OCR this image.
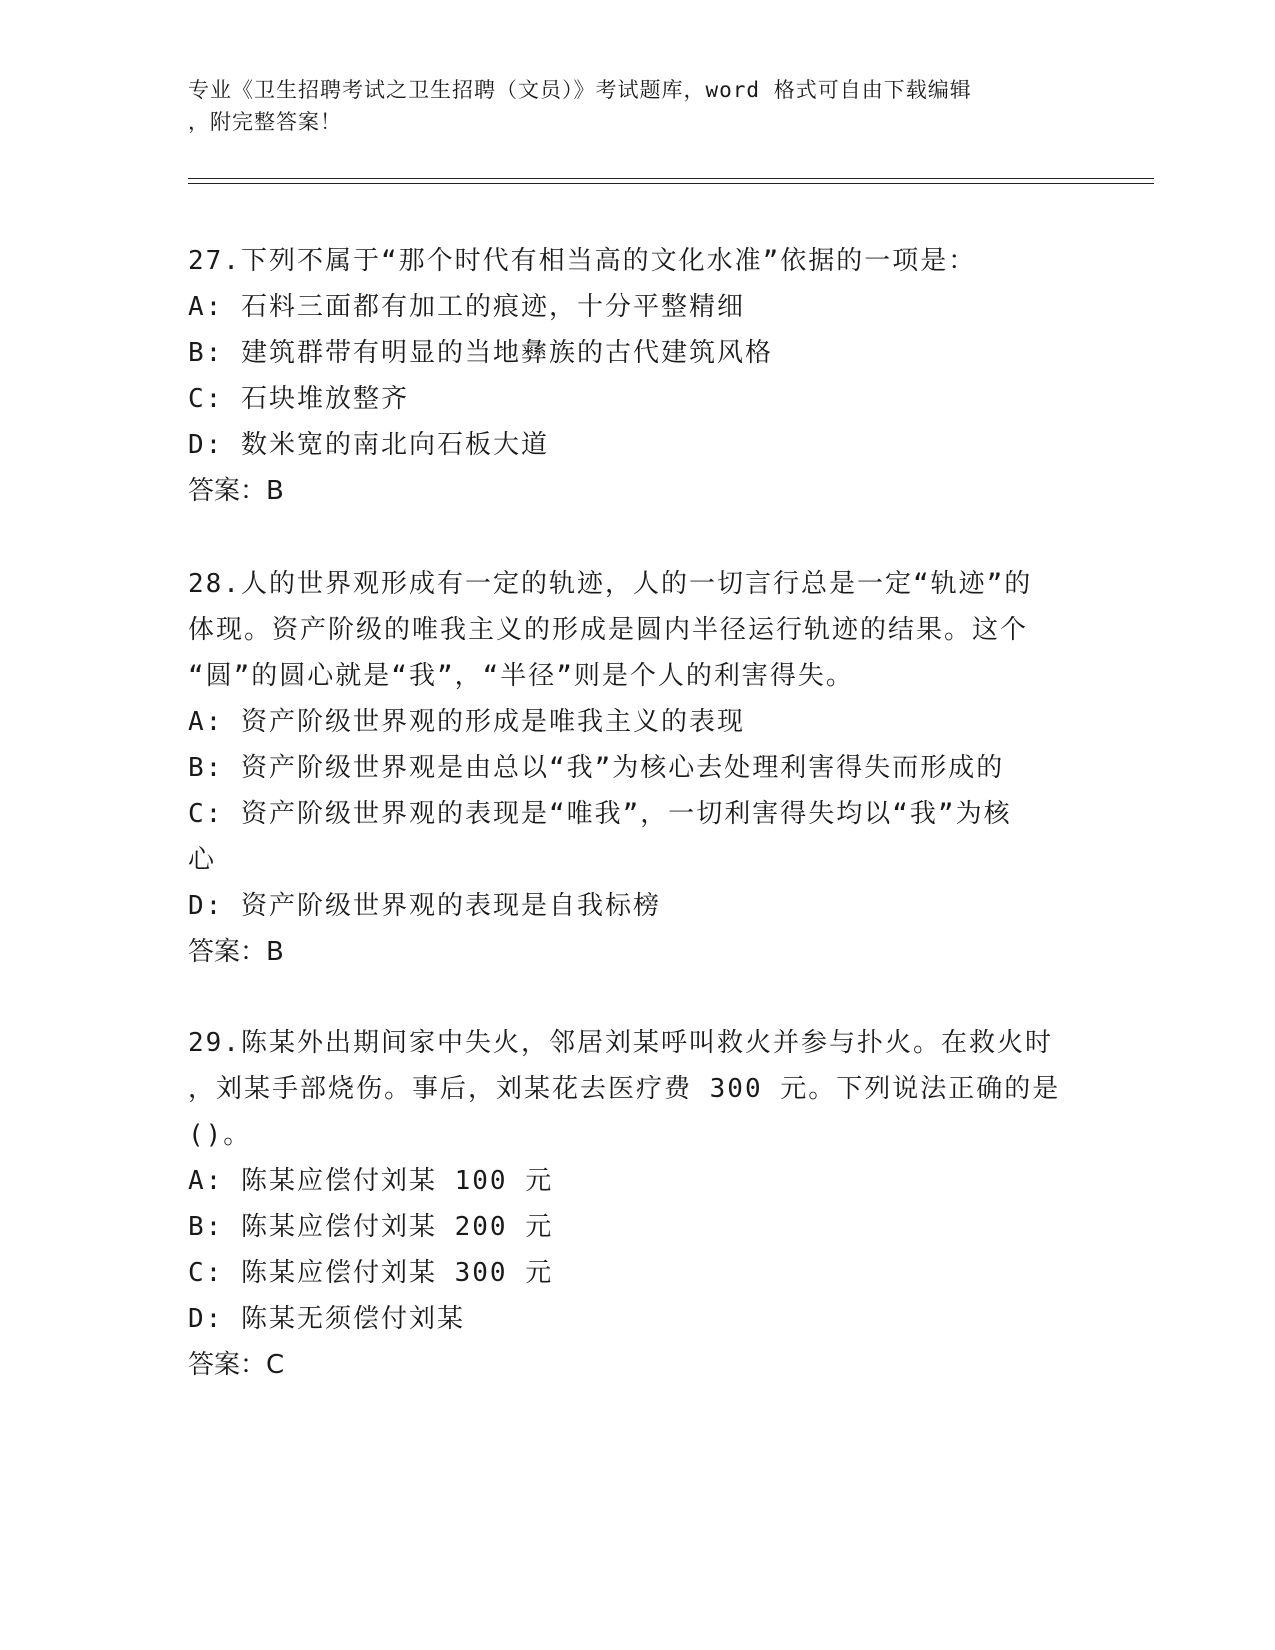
专业《卫生招聘考试之卫生招聘（文员）》考试题库，word 格式可自由下载编辑
，附完整答案！
27.下列不属于“那个时代有相当高的文化水准”依据的一项是：
A: 石料三面都有加工的痕迹，十分平整精细
B: 建筑群带有明显的当地彝族的古代建筑风格
C: 石块堆放整齐
D: 数米宽的南北向石板大道
答案：B
28.人的世界观形成有一定的轨迹，人的一切言行总是一定“轨迹”的
体现。资产阶级的唯我主义的形成是圆内半径运行轨迹的结果。这个
“圆”的圆心就是“我”，“半径”则是个人的利害得失。
A: 资产阶级世界观的形成是唯我主义的表现
B: 资产阶级世界观是由总以“我”为核心去处理利害得失而形成的
C: 资产阶级世界观的表现是“唯我”，一切利害得失均以“我”为核
心
D: 资产阶级世界观的表现是自我标榜
答案：B
29.陈某外出期间家中失火，邻居刘某呼叫救火并参与扑火。在救火时
，刘某手部烧伤。事后，刘某花去医疗费 300 元。下列说法正确的是
()。
A: 陈某应偿付刘某 100 元
B: 陈某应偿付刘某 200 元
C: 陈某应偿付刘某 300 元
D: 陈某无须偿付刘某
答案：C
